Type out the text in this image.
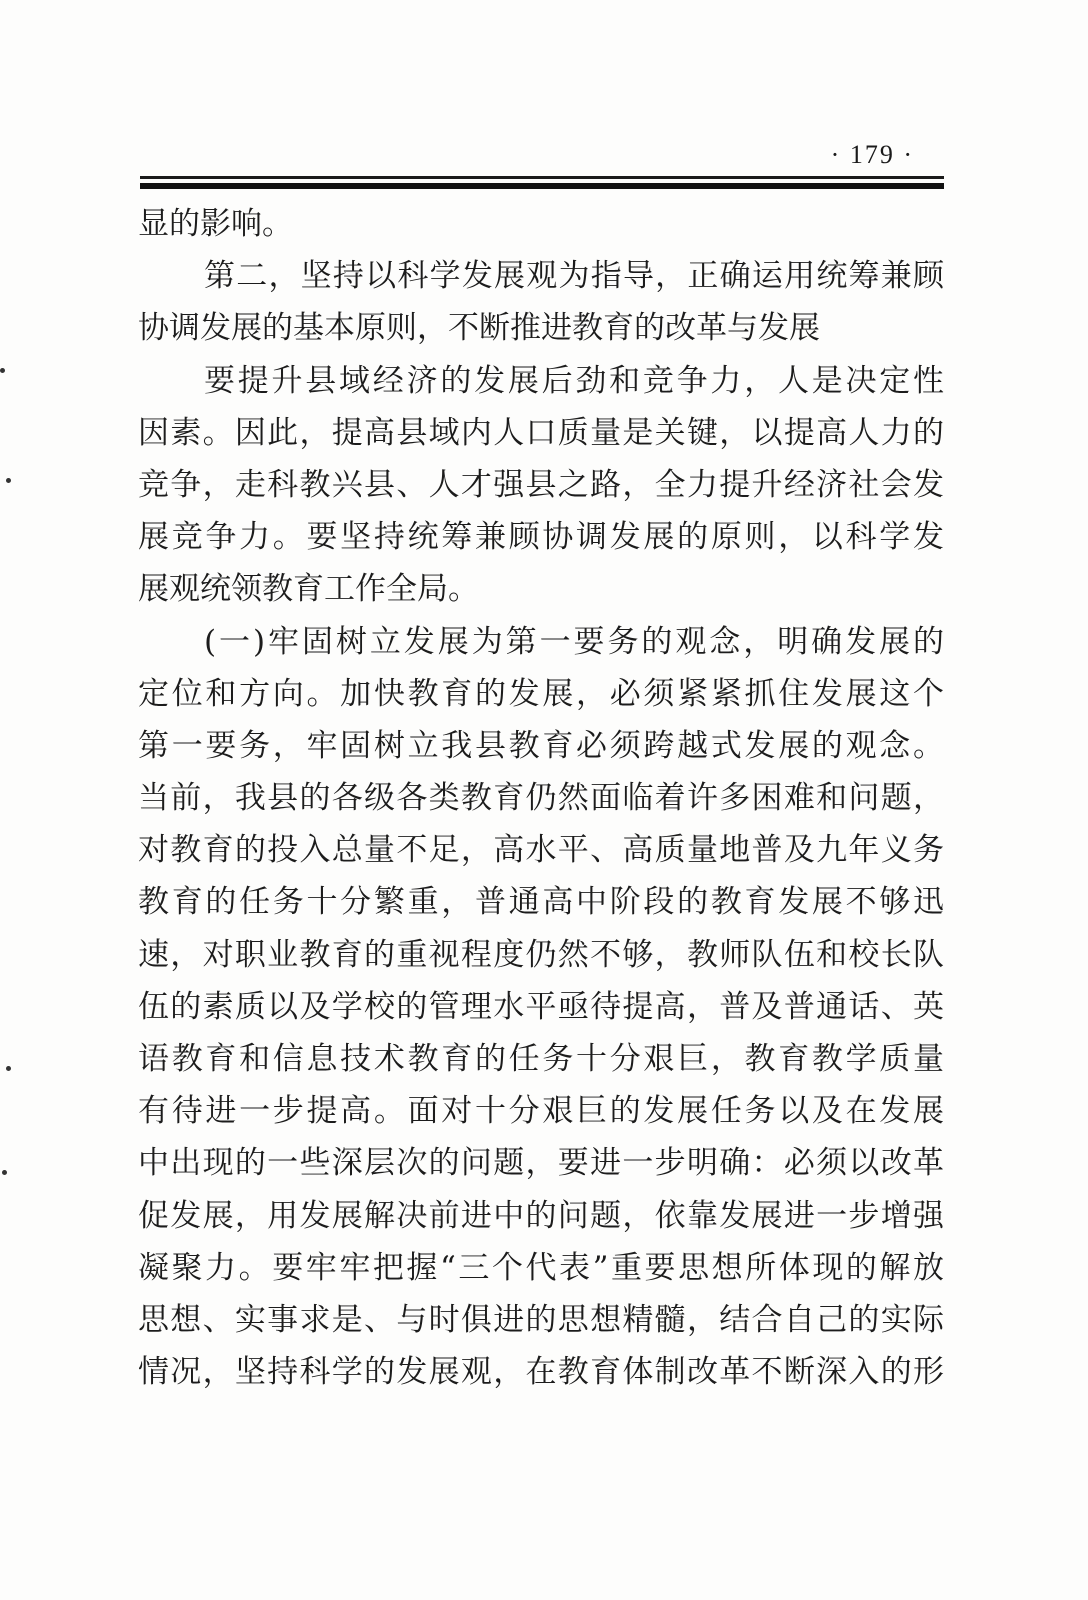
· 179 ·
显的影响。
第二，坚持以科学发展观为指导，正确运用统筹兼顾
协调发展的基本原则，不断推进教育的改革与发展
要提升县域经济的发展后劲和竞争力，人是决定性
因素。因此，提高县域内人口质量是关键，以提高人力的
竞争，走科教兴县、人才强县之路，全力提升经济社会发
展竞争力。要坚持统筹兼顾协调发展的原则，以科学发
展观统领教育工作全局。
(一)牢固树立发展为第一要务的观念，明确发展的
定位和方向。加快教育的发展，必须紧紧抓住发展这个
第一要务，牢固树立我县教育必须跨越式发展的观念。
当前，我县的各级各类教育仍然面临着许多困难和问题，
对教育的投入总量不足，高水平、高质量地普及九年义务
教育的任务十分繁重，普通高中阶段的教育发展不够迅
速，对职业教育的重视程度仍然不够，教师队伍和校长队
伍的素质以及学校的管理水平亟待提高，普及普通话、英
语教育和信息技术教育的任务十分艰巨，教育教学质量
有待进一步提高。面对十分艰巨的发展任务以及在发展
中出现的一些深层次的问题，要进一步明确：必须以改革
促发展，用发展解决前进中的问题，依靠发展进一步增强
凝聚力。要牢牢把握“三个代表”重要思想所体现的解放
思想、实事求是、与时俱进的思想精髓，结合自己的实际
情况，坚持科学的发展观，在教育体制改革不断深入的形
